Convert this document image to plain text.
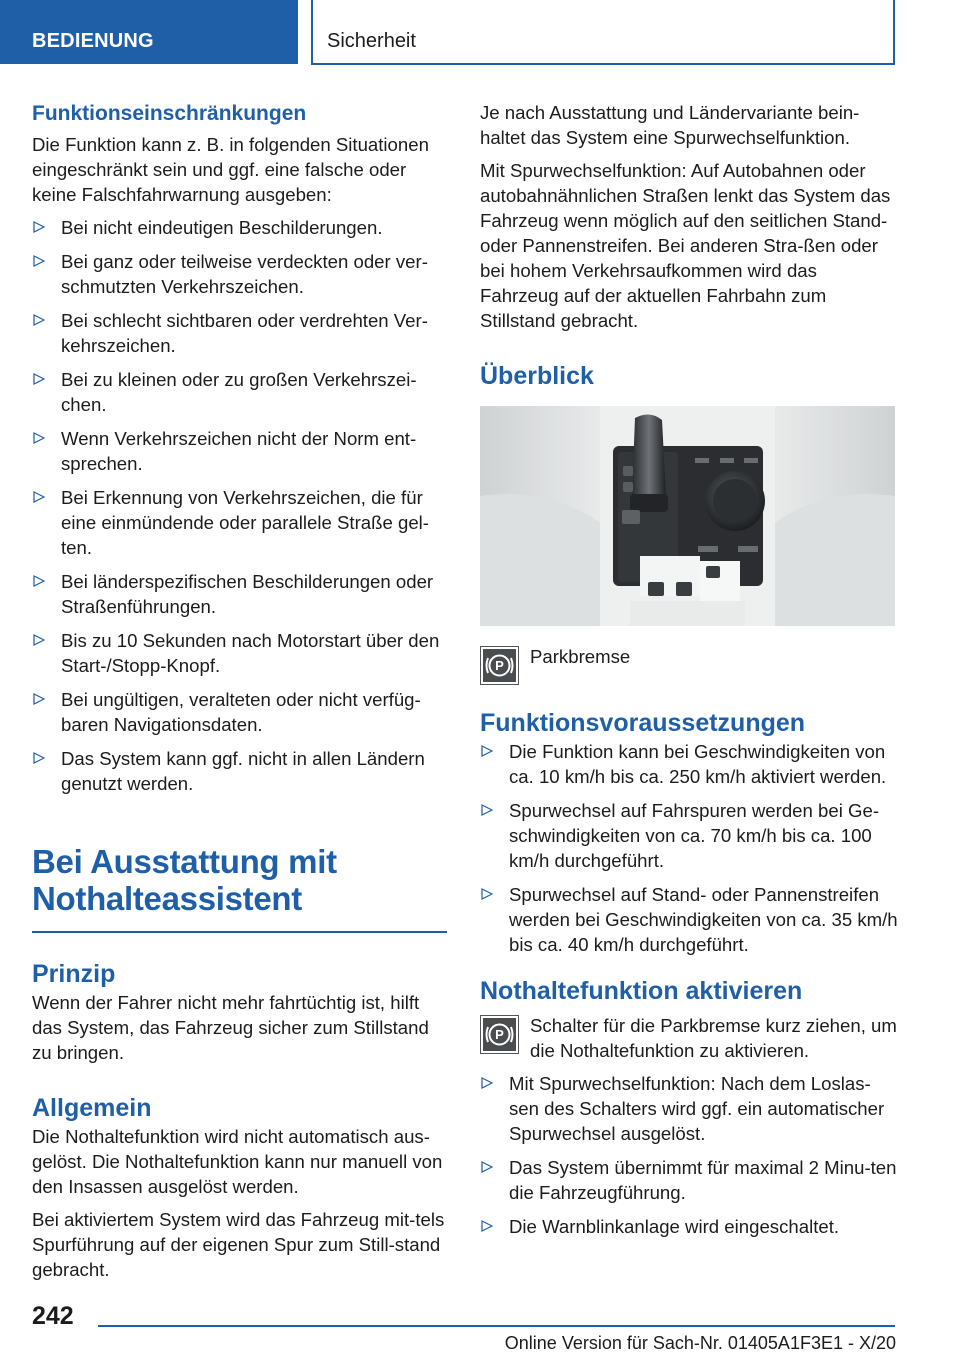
BEDIENUNG	Sicherheit
Funktionseinschränkungen

Die Funktion kann z. B. in folgenden Situationen eingeschränkt sein und ggf. eine falsche oder keine Falschfahrwarnung ausgeben:

Bei nicht eindeutigen Beschilderungen.
Bei ganz oder teilweise verdeckten oder ver-schmutzten Verkehrszeichen.
Bei schlecht sichtbaren oder verdrehten Ver-kehrszeichen.
Bei zu kleinen oder zu großen Verkehrszei-chen.
Wenn Verkehrszeichen nicht der Norm ent-sprechen.
Bei Erkennung von Verkehrszeichen, die für eine einmündende oder parallele Straße gel-ten.
Bei länderspezifischen Beschilderungen oder Straßenführungen.
Bis zu 10 Sekunden nach Motorstart über den Start-/Stopp-Knopf.
Bei ungültigen, veralteten oder nicht verfüg-baren Navigationsdaten.
Das System kann ggf. nicht in allen Ländern genutzt werden.
Bei Ausstattung mit
Nothalteassistent
Prinzip

Wenn der Fahrer nicht mehr fahrtüchtig ist, hilft das System, das Fahrzeug sicher zum Stillstand zu bringen.

Allgemein

Die Nothaltefunktion wird nicht automatisch aus-gelöst. Die Nothaltefunktion kann nur manuell von den Insassen ausgelöst werden.

Bei aktiviertem System wird das Fahrzeug mit-tels Spurführung auf der eigenen Spur zum Still-stand gebracht.

Je nach Ausstattung und Ländervariante bein-haltet das System eine Spurwechselfunktion.

Mit Spurwechselfunktion: Auf Autobahnen oder autobahnähnlichen Straßen lenkt das System das Fahrzeug wenn möglich auf den seitlichen Stand- oder Pannenstreifen. Bei anderen Stra-ßen oder bei hohem Verkehrsaufkommen wird das Fahrzeug auf der aktuellen Fahrbahn zum Stillstand gebracht.

Überblick
P Parkbremse

Funktionsvoraussetzungen
Die Funktion kann bei Geschwindigkeiten von ca. 10 km/h bis ca. 250 km/h aktiviert werden.
Spurwechsel auf Fahrspuren werden bei Ge-schwindigkeiten von ca. 70 km/h bis ca. 100 km/h durchgeführt.
Spurwechsel auf Stand- oder Pannenstreifen werden bei Geschwindigkeiten von ca. 35 km/h bis ca. 40 km/h durchgeführt.
Nothaltefunktion aktivieren
P Schalter für die Parkbremse kurz ziehen, um die Nothaltefunktion zu aktivieren.

Mit Spurwechselfunktion: Nach dem Loslas-sen des Schalters wird ggf. ein automatischer Spurwechsel ausgelöst.
Das System übernimmt für maximal 2 Minu-ten die Fahrzeugführung.
Die Warnblinkanlage wird eingeschaltet.
242
Online Version für Sach-Nr. 01405A1F3E1 - X/20
